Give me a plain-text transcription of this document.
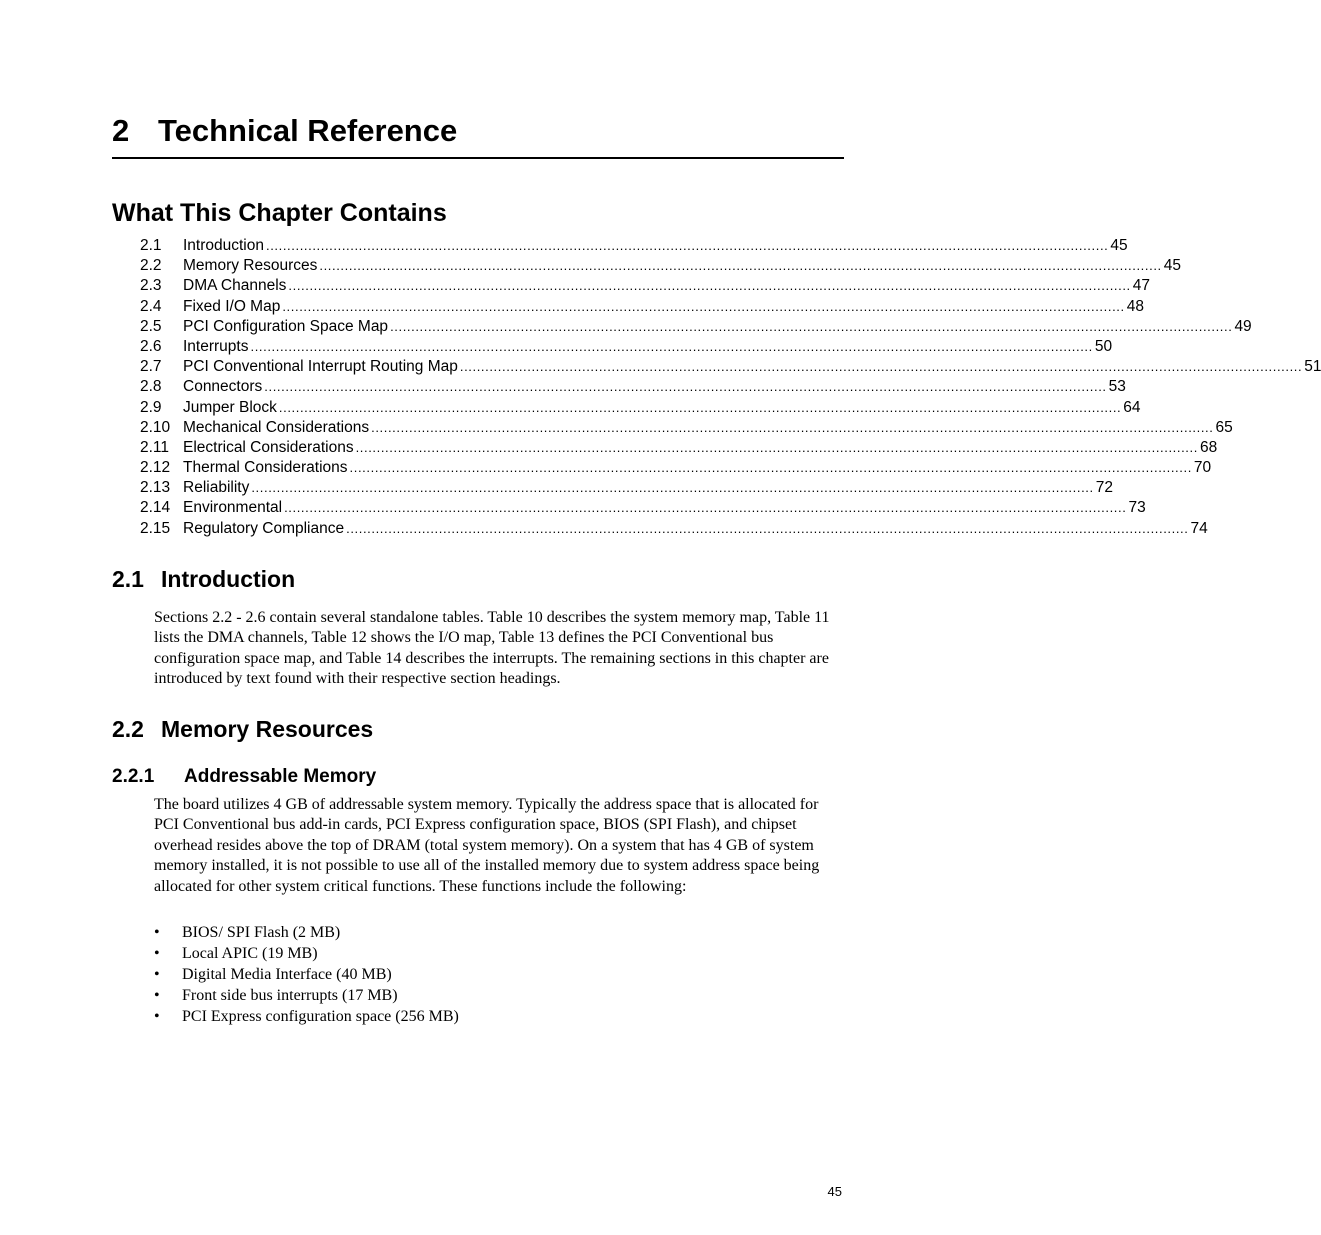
2 Technical Reference
What This Chapter Contains
2.1	Introduction ........................................................................................................................................................................................................ 45
2.2	Memory Resources ........................................................................................................................................................................................................ 45
2.3	DMA Channels ........................................................................................................................................................................................................ 47
2.4	Fixed I/O Map ........................................................................................................................................................................................................ 48
2.5	PCI Configuration Space Map ........................................................................................................................................................................................................ 49
2.6	Interrupts ........................................................................................................................................................................................................ 50
2.7	PCI Conventional Interrupt Routing Map ........................................................................................................................................................................................................ 51
2.8	Connectors ........................................................................................................................................................................................................ 53
2.9	Jumper Block ........................................................................................................................................................................................................ 64
2.10 Mechanical Considerations ........................................................................................................................................................................................................ 65
2.11 Electrical Considerations ........................................................................................................................................................................................................ 68
2.12 Thermal Considerations ........................................................................................................................................................................................................ 70
2.13 Reliability ........................................................................................................................................................................................................ 72
2.14 Environmental ........................................................................................................................................................................................................ 73
2.15 Regulatory Compliance ........................................................................................................................................................................................................ 74
2.1 Introduction

Sections 2.2 - 2.6 contain several standalone tables. Table 10 describes the system memory map, Table 11 lists the DMA channels, Table 12 shows the I/O map, Table 13 defines the PCI Conventional bus configuration space map, and Table 14 describes the interrupts. The remaining sections in this chapter are introduced by text found with their respective section headings.

2.2 Memory Resources
2.2.1 Addressable Memory

The board utilizes 4 GB of addressable system memory. Typically the address space that is allocated for PCI Conventional bus add-in cards, PCI Express configuration space, BIOS (SPI Flash), and chipset overhead resides above the top of DRAM (total system memory). On a system that has 4 GB of system memory installed, it is not possible to use all of the installed memory due to system address space being allocated for other system critical functions. These functions include the following:

•	BIOS/ SPI Flash (2 MB)
•	Local APIC (19 MB)
•	Digital Media Interface (40 MB)
•	Front side bus interrupts (17 MB)
•	PCI Express configuration space (256 MB)
45
